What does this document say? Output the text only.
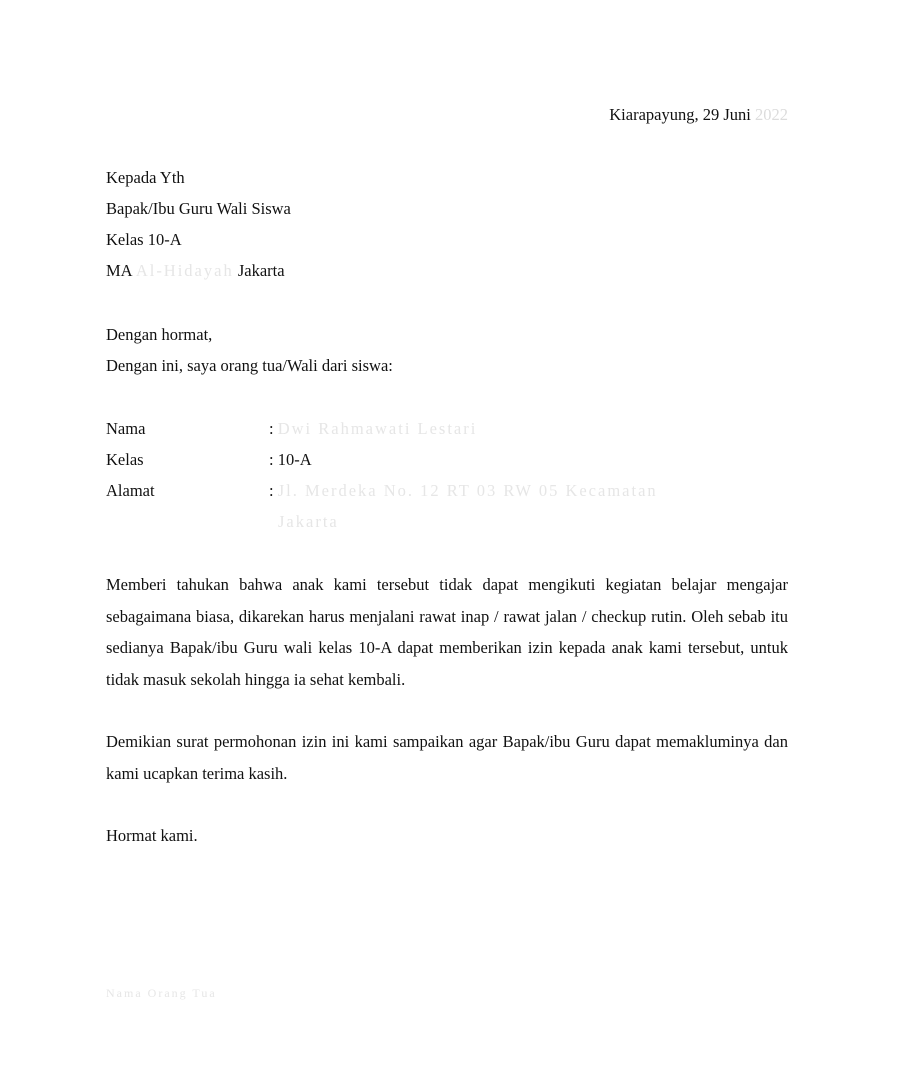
Kiarapayung, 29 Juni 2022
Kepada Yth
Bapak/Ibu Guru Wali Siswa
Kelas 10-A
MA Al-Hidayah Jakarta
Dengan hormat,
Dengan ini, saya orang tua/Wali dari siswa:
Nama	: Dwi Rahmawati Lestari
Kelas	: 10-A
Alamat	: Jl. Merdeka No. 12 RT 03 RW 05 Kecamatan
Jakarta
Memberi tahukan bahwa anak kami tersebut tidak dapat mengikuti kegiatan belajar mengajar sebagaimana biasa, dikarekan harus menjalani rawat inap / rawat jalan / checkup rutin. Oleh sebab itu sedianya Bapak/ibu Guru wali kelas 10-A dapat memberikan izin kepada anak kami tersebut, untuk tidak masuk sekolah hingga ia sehat kembali.
Demikian surat permohonan izin ini kami sampaikan agar Bapak/ibu Guru dapat memakluminya dan kami ucapkan terima kasih.
Hormat kami.
Nama Orang Tua
